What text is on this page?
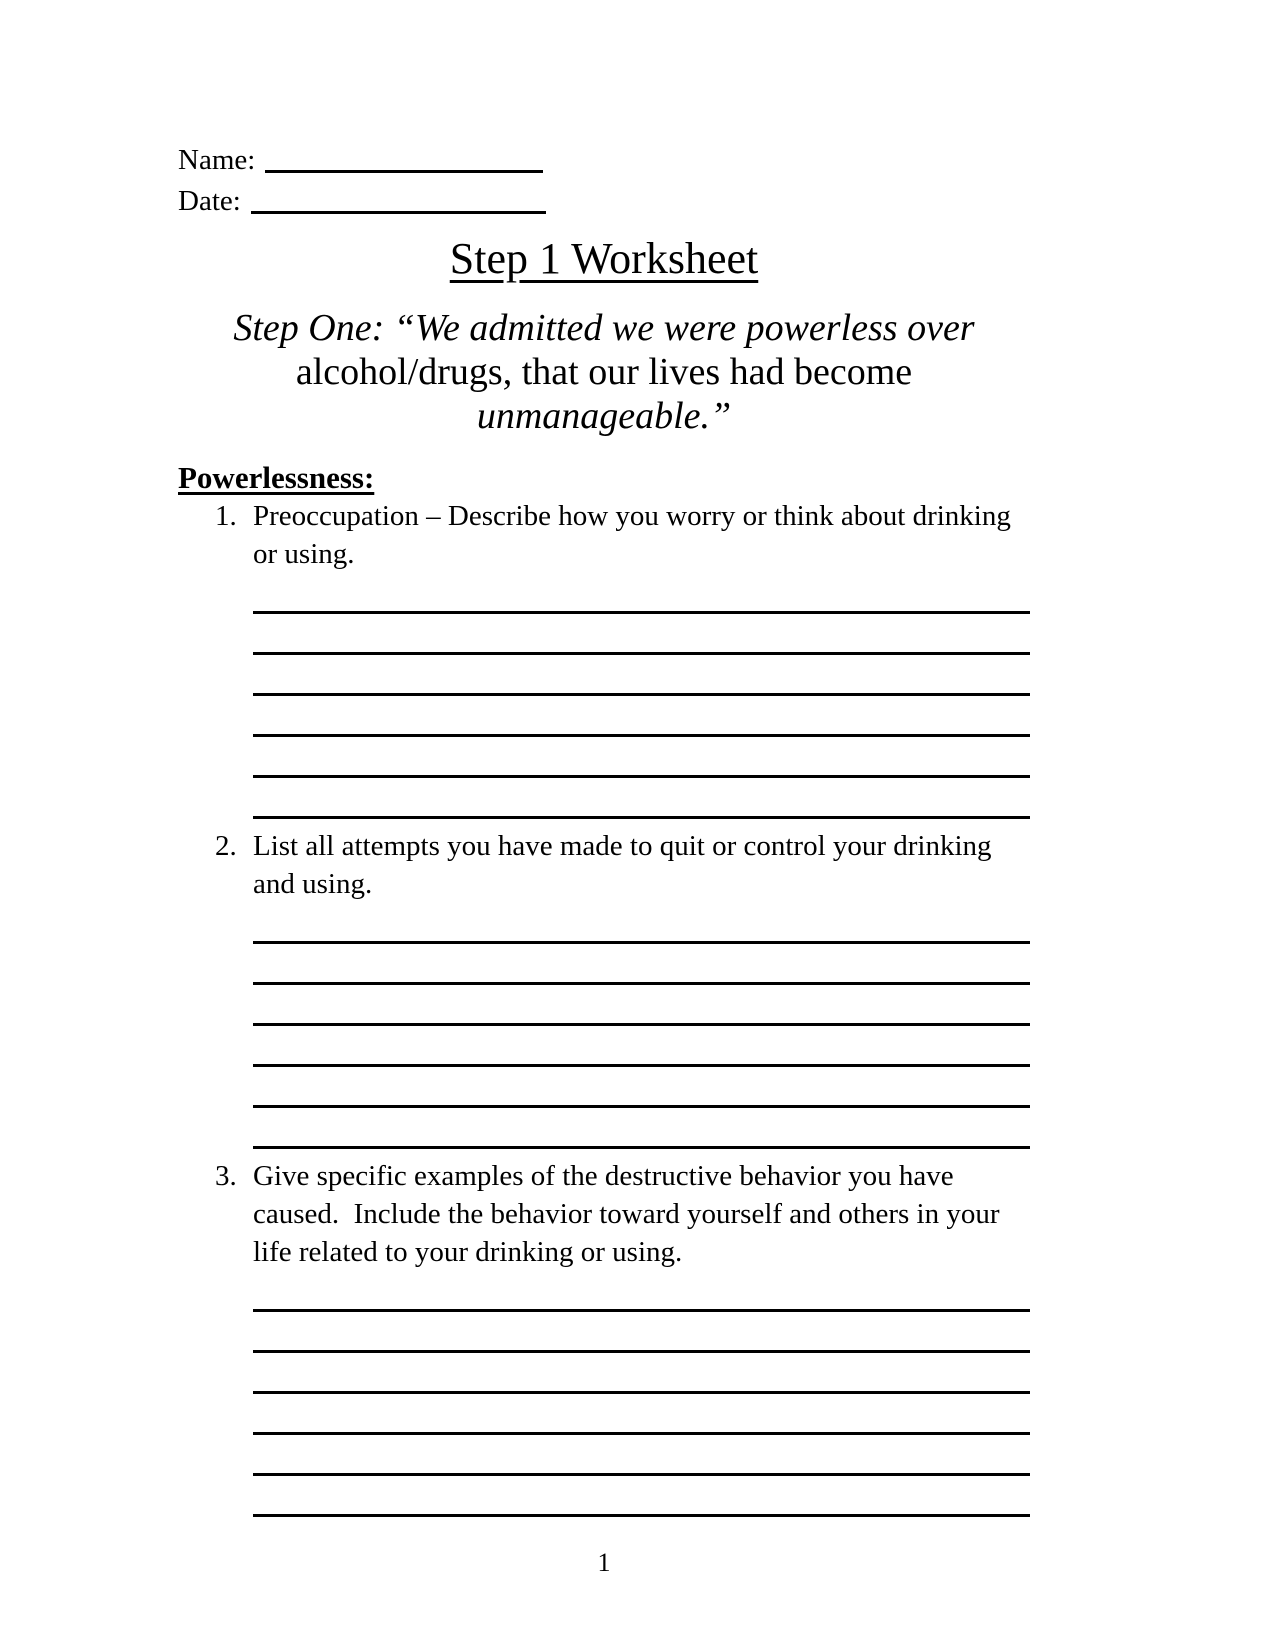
Name:
Date:
Step 1 Worksheet
Step One: “We admitted we were powerless over
alcohol/drugs, that our lives had become
unmanageable.”
Powerlessness:
1. Preoccupation – Describe how you worry or think about drinking or using.
2. List all attempts you have made to quit or control your drinking and using.
3. Give specific examples of the destructive behavior you have caused.  Include the behavior toward yourself and others in your life related to your drinking or using.
1
